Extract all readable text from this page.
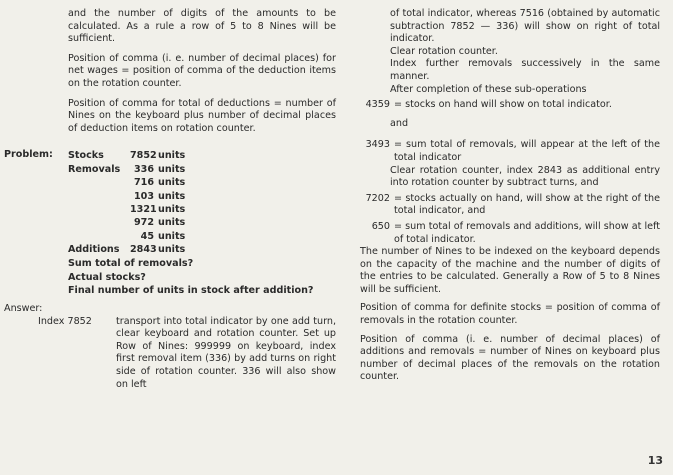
and the number of digits of the amounts to be calculated. As a rule a row of 5 to 8 Nines will be sufficient.

Position of comma (i. e. number of decimal places) for net wages = position of comma of the deduction items on the rotation counter.

Position of comma for total of deductions = number of Nines on the keyboard plus number of decimal places of deduction items on rotation counter.

Problem: Stocks	7852units
Removals 336 units
716 units
103 units
1321units
972 units
45 units
Additions 2843units
Sum total of removals?
Actual stocks?
Final number of units in stock after addition?
Answer:
Index 7852	transport into total indicator by one add turn, clear keyboard and rotation counter. Set up Row of Nines: 999999 on keyboard, index first removal item (336) by add turns on right side of rotation counter. 336 will also show on left

of total indicator, whereas 7516 (obtained by automatic subtraction 7852 — 336) will show on right of total indicator.

Clear rotation counter.

Index further removals successively in the same manner.

After completion of these sub-operations

4359 = stocks on hand will show on total indicator.

and

3493 = sum total of removals, will appear at the left of the total indicator

Clear rotation counter, index 2843 as additional entry into rotation counter by subtract turns, and

7202 = stocks actually on hand, will show at the right of the total indicator, and
650 = sum total of removals and additions, will show at left of total indicator.

The number of Nines to be indexed on the keyboard depends on the capacity of the machine and the number of digits of the entries to be calculated. Generally a Row of 5 to 8 Nines will be sufficient.

Position of comma for definite stocks = position of comma of removals in the rotation counter.

Position of comma (i. e. number of decimal places) of additions and removals = number of Nines on keyboard plus number of decimal places of the removals on the rotation counter.

13
